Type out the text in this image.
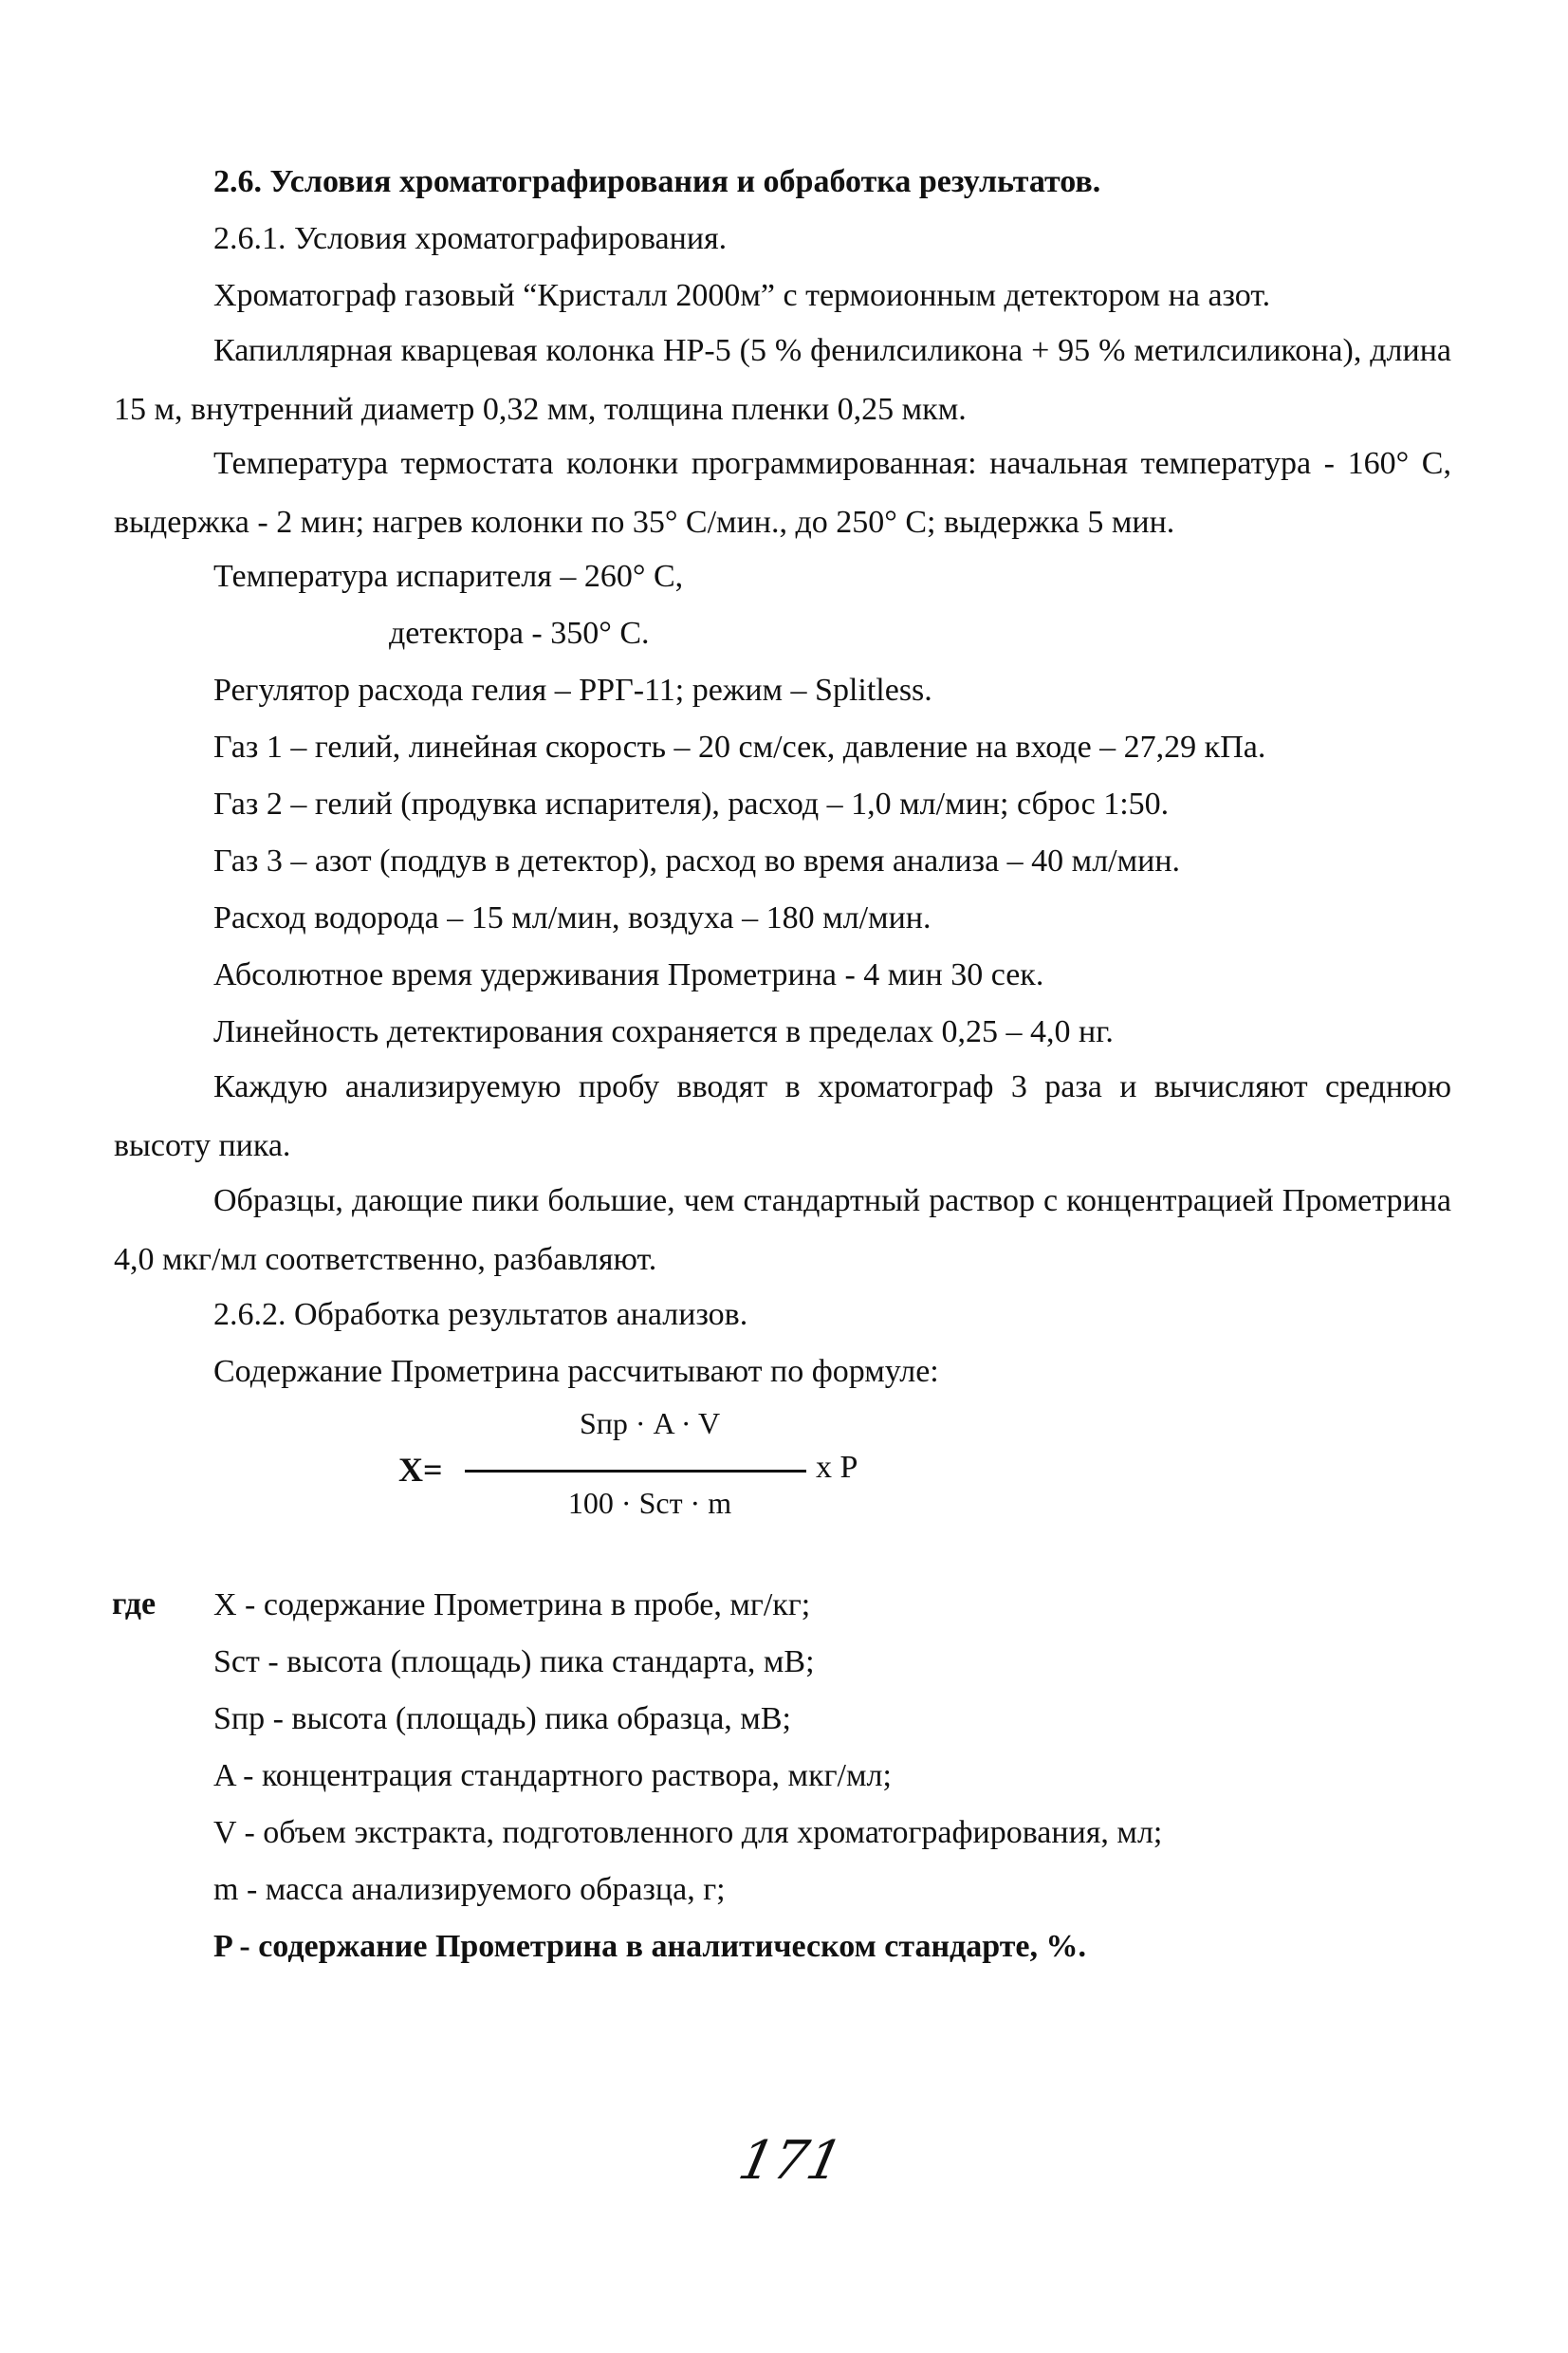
2.6. Условия хроматографирования и обработка результатов.
2.6.1. Условия хроматографирования.
Хроматограф газовый “Кристалл 2000м” с термоионным детектором на азот.

Капиллярная кварцевая колонка HP-5 (5 % фенилсиликона + 95 % метилсиликона), длина 15 м, внутренний диаметр 0,32 мм, толщина пленки 0,25 мкм.

Температура термостата колонки программированная: начальная температура - 160° С, выдержка - 2 мин; нагрев колонки по 35° С/мин., до 250° С; выдержка 5 мин.

Температура испарителя – 260° С,
детектора - 350° С.
Регулятор расхода гелия – РРГ-11; режим – Splitless.
Газ 1 – гелий, линейная скорость – 20 см/сек, давление на входе – 27,29 кПа.
Газ 2 – гелий (продувка испарителя), расход – 1,0 мл/мин; сброс 1:50.
Газ 3 – азот (поддув в детектор), расход во время анализа – 40 мл/мин.
Расход водорода – 15 мл/мин, воздуха – 180 мл/мин.
Абсолютное время удерживания Прометрина - 4 мин 30 сек.
Линейность детектирования сохраняется в пределах 0,25 – 4,0 нг.

Каждую анализируемую пробу вводят в хроматограф 3 раза и вычисляют среднюю высоту пика.

Образцы, дающие пики большие, чем стандартный раствор с концентрацией Прометрина 4,0 мкг/мл соответственно, разбавляют.

2.6.2. Обработка результатов анализов.
Содержание Прометрина рассчитывают по формуле:
X=
Sпр · A · V
100 · Sст · m
x P
где X - содержание Прометрина в пробе, мг/кг;
Sст - высота (площадь) пика стандарта, мВ;
Sпр - высота (площадь) пика образца, мВ;
A - концентрация стандартного раствора, мкг/мл;
V - объем экстракта, подготовленного для хроматографирования, мл;
m - масса анализируемого образца, г;
P - содержание Прометрина в аналитическом стандарте, %.
171
